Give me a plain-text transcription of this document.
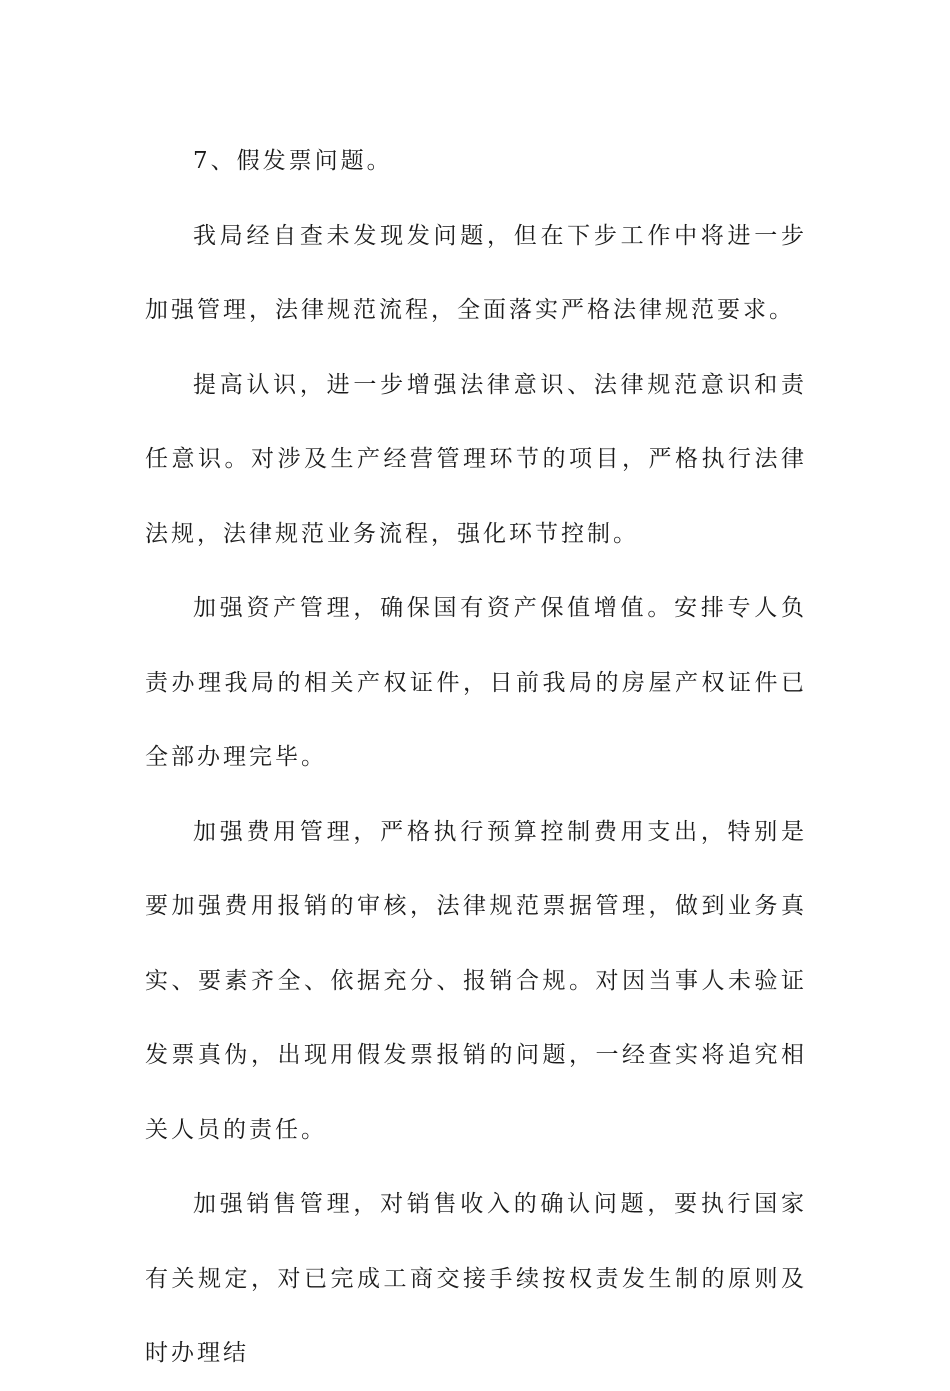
7、假发票问题。

我局经自查未发现发问题，但在下步工作中将进一步加强管理，法律规范流程，全面落实严格法律规范要求。

提高认识，进一步增强法律意识、法律规范意识和责任意识。对涉及生产经营管理环节的项目，严格执行法律法规，法律规范业务流程，强化环节控制。

加强资产管理，确保国有资产保值增值。安排专人负责办理我局的相关产权证件，日前我局的房屋产权证件已全部办理完毕。

加强费用管理，严格执行预算控制费用支出，特别是要加强费用报销的审核，法律规范票据管理，做到业务真实、要素齐全、依据充分、报销合规。对因当事人未验证发票真伪，出现用假发票报销的问题，一经查实将追究相关人员的责任。

加强销售管理，对销售收入的确认问题，要执行国家有关规定，对已完成工商交接手续按权责发生制的原则及时办理结
